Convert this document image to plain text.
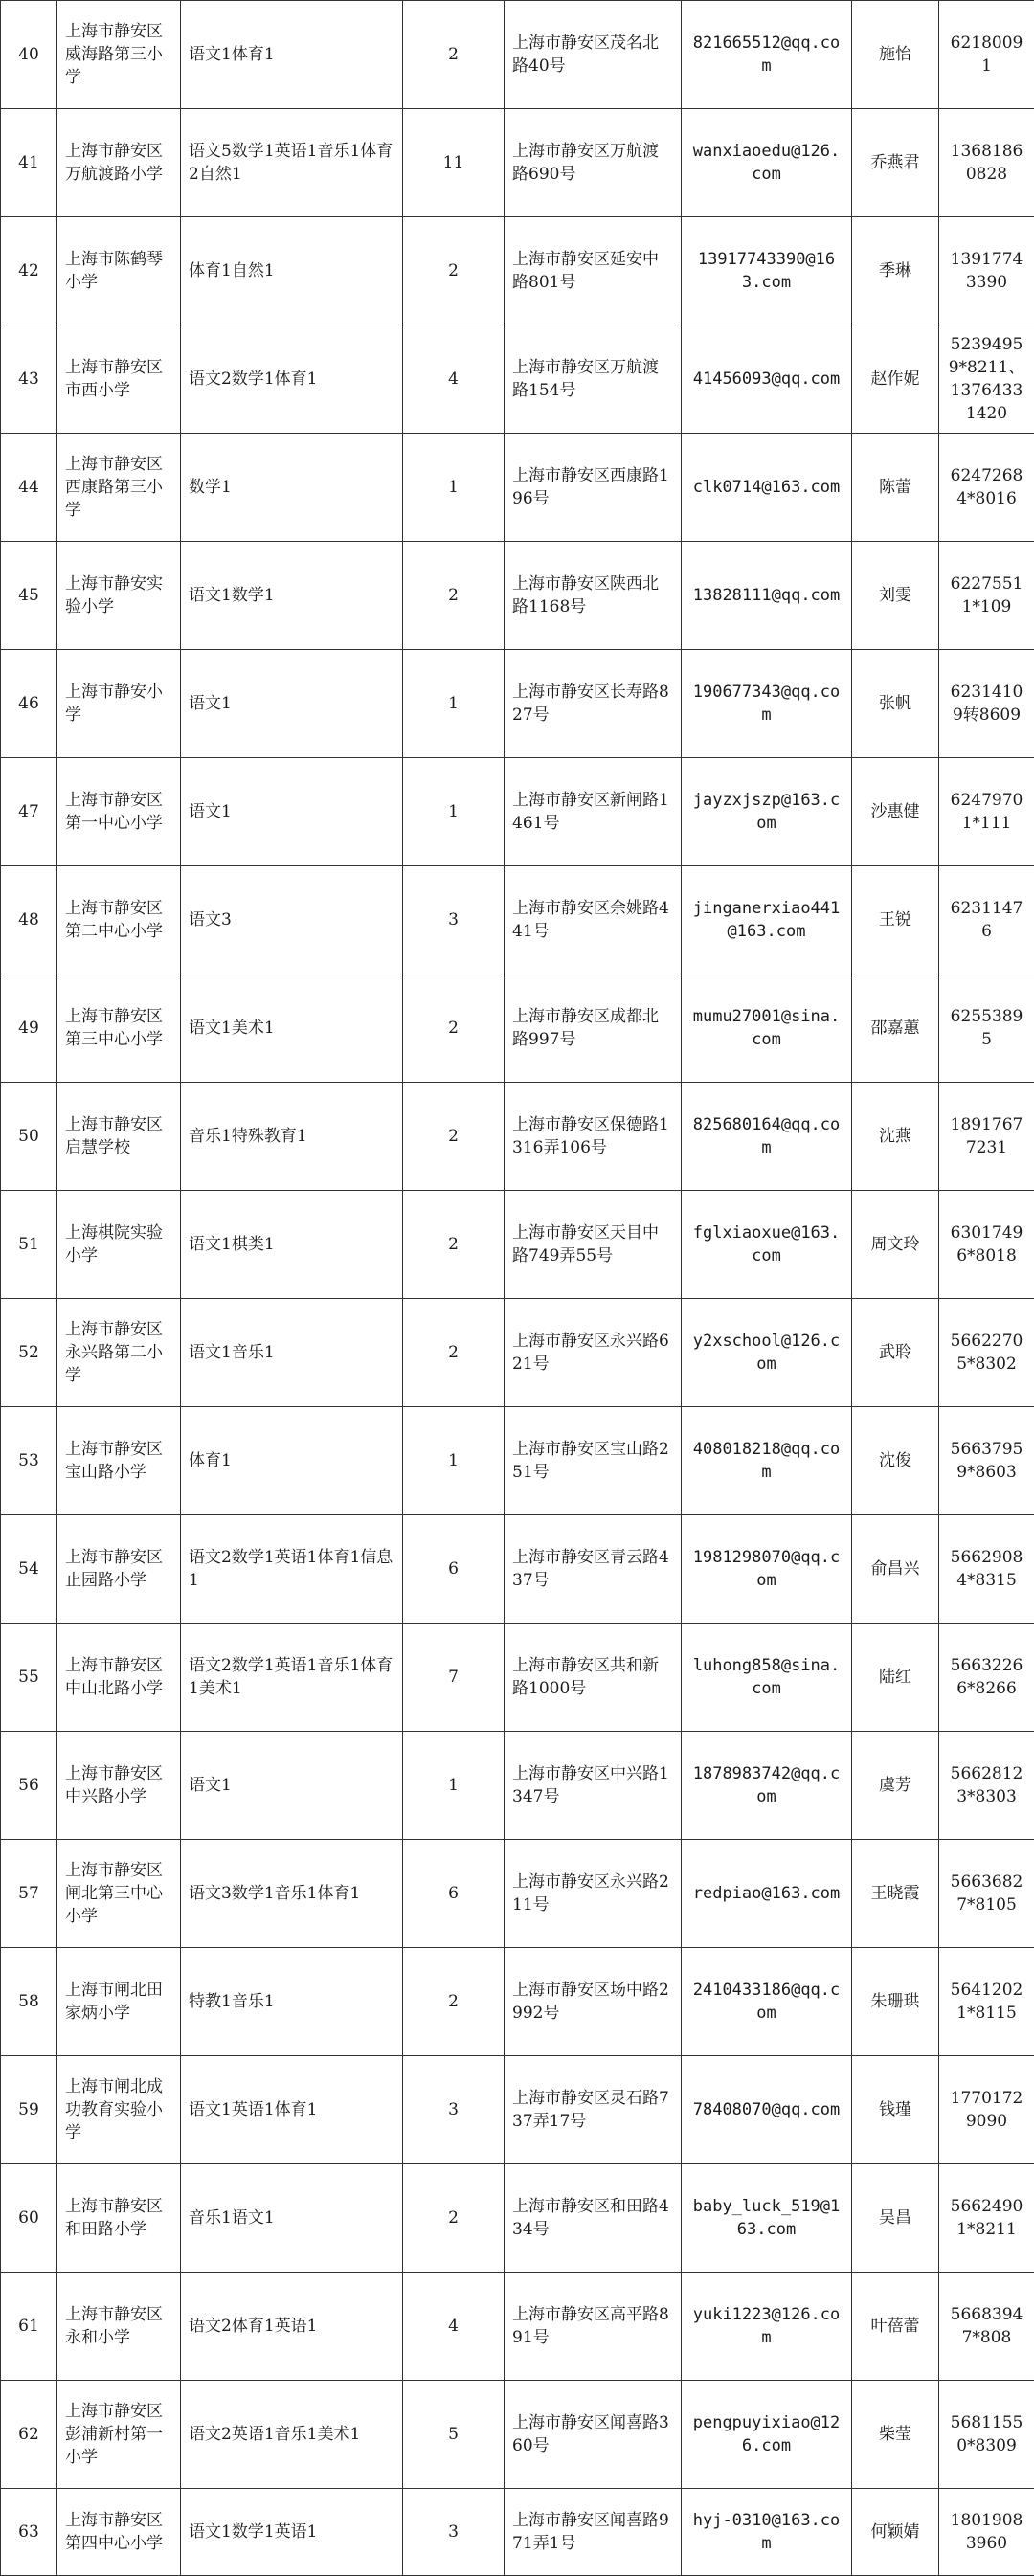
40	上海市静安区威海路第三小学	语文1体育1	2	上海市静安区茂名北路40号	821665512@qq.com	施怡	62180091
41	上海市静安区万航渡路小学	语文5数学1英语1音乐1体育2自然1	11	上海市静安区万航渡路690号	wanxiaoedu@126.com	乔燕君	13681860828
42	上海市陈鹤琴小学	体育1自然1	2	上海市静安区延安中路801号	13917743390@163.com	季琳	13917743390
43	上海市静安区市西小学	语文2数学1体育1	4	上海市静安区万航渡路154号	41456093@qq.com	赵作妮	52394959*8211、13764331420
44	上海市静安区西康路第三小学	数学1	1	上海市静安区西康路196号	clk0714@163.com	陈蕾	62472684*8016
45	上海市静安实验小学	语文1数学1	2	上海市静安区陕西北路1168号	13828111@qq.com	刘雯	62275511*109
46	上海市静安小学	语文1	1	上海市静安区长寿路827号	190677343@qq.com	张帆	62314109转8609
47	上海市静安区第一中心小学	语文1	1	上海市静安区新闸路1461号	jayzxjszp@163.com	沙惠健	62479701*111
48	上海市静安区第二中心小学	语文3	3	上海市静安区余姚路441号	jinganerxiao441@163.com	王锐	62311476
49	上海市静安区第三中心小学	语文1美术1	2	上海市静安区成都北路997号	mumu27001@sina.com	邵嘉蕙	62553895
50	上海市静安区启慧学校	音乐1特殊教育1	2	上海市静安区保德路1316弄106号	825680164@qq.com	沈燕	18917677231
51	上海棋院实验小学	语文1棋类1	2	上海市静安区天目中路749弄55号	fglxiaoxue@163.com	周文玲	63017496*8018
52	上海市静安区永兴路第二小学	语文1音乐1	2	上海市静安区永兴路621号	y2xschool@126.com	武聆	56622705*8302
53	上海市静安区宝山路小学	体育1	1	上海市静安区宝山路251号	408018218@qq.com	沈俊	56637959*8603
54	上海市静安区止园路小学	语文2数学1英语1体育1信息1	6	上海市静安区青云路437号	1981298070@qq.com	俞昌兴	56629084*8315
55	上海市静安区中山北路小学	语文2数学1英语1音乐1体育1美术1	7	上海市静安区共和新路1000号	luhong858@sina.com	陆红	56632266*8266
56	上海市静安区中兴路小学	语文1	1	上海市静安区中兴路1347号	1878983742@qq.com	虞芳	56628123*8303
57	上海市静安区闸北第三中心小学	语文3数学1音乐1体育1	6	上海市静安区永兴路211号	redpiao@163.com	王晓霞	56636827*8105
58	上海市闸北田家炳小学	特教1音乐1	2	上海市静安区场中路2992号	2410433186@qq.com	朱珊珙	56412021*8115
59	上海市闸北成功教育实验小学	语文1英语1体育1	3	上海市静安区灵石路737弄17号	78408070@qq.com	钱瑾	17701729090
60	上海市静安区和田路小学	音乐1语文1	2	上海市静安区和田路434号	baby_luck_519@163.com	吴昌	56624901*8211
61	上海市静安区永和小学	语文2体育1英语1	4	上海市静安区高平路891号	yuki1223@126.com	叶蓓蕾	56683947*808
62	上海市静安区彭浦新村第一小学	语文2英语1音乐1美术1	5	上海市静安区闻喜路360号	pengpuyixiao@126.com	柴莹	56811550*8309
63	上海市静安区第四中心小学	语文1数学1英语1	3	上海市静安区闻喜路971弄1号	hyj-0310@163.com	何颖婧	18019083960
